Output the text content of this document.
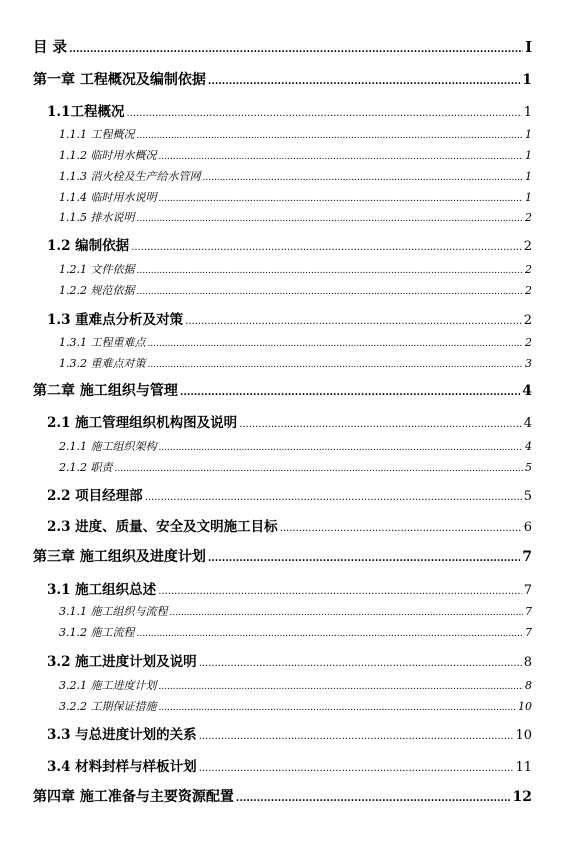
目 录 .....	I
第一章 工程概况及编制依据 .....	1
1.1工程概况 .....	1
1.1.1 工程概况 .....	1
1.1.2 临时用水概况 .....	1
1.1.3 消火栓及生产给水管网 .....	1
1.1.4 临时用水说明 .....	1
1.1.5 排水说明 .....	2
1.2 编制依据 .....	2
1.2.1 文件依据 .....	2
1.2.2 规范依据 .....	2
1.3 重难点分析及对策 .....	2
1.3.1 工程重难点 .....	2
1.3.2 重难点对策 .....	3
第二章 施工组织与管理 .....	4
2.1 施工管理组织机构图及说明 .....	4
2.1.1 施工组织架构 .....	4
2.1.2 职责 .....	5
2.2 项目经理部 .....	5
2.3 进度、质量、安全及文明施工目标 .....	6
第三章 施工组织及进度计划 .....	7
3.1 施工组织总述 .....	7
3.1.1 施工组织与流程 .....	7
3.1.2 施工流程 .....	7
3.2 施工进度计划及说明 .....	8
3.2.1 施工进度计划 .....	8
3.2.2 工期保证措施 .....	10
3.3 与总进度计划的关系 .....	10
3.4 材料封样与样板计划 .....	11
第四章 施工准备与主要资源配置 .....	12
